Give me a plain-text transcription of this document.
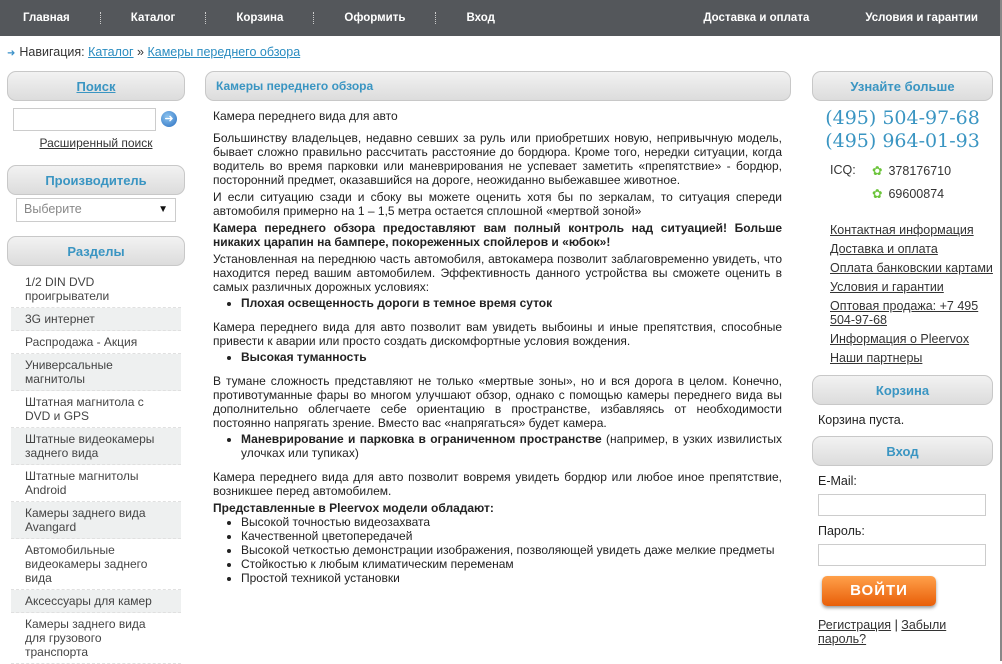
Главная	Каталог	Корзина	Оформить	Вход	Доставка и оплата	Условия и гарантии
➜ Навигация: Каталог » Камеры переднего обзора
Поиск
➜
Расширенный поиск
Производитель
Выберите	▼
Разделы
1/2 DIN DVD проигрыватели
3G интернет
Распродажа - Акция
Универсальные магнитолы
Штатная магнитола с DVD и GPS
Штатные видеокамеры заднего вида
Штатные магнитолы Android
Камеры заднего вида Avangard
Автомобильные видеокамеры заднего вида
Аксессуары для камер
Камеры заднего вида для грузового транспорта
Камеры переднего обзора

Камера переднего вида для авто

Большинству владельцев, недавно севших за руль или приобретших новую, непривычную модель, бывает сложно правильно рассчитать расстояние до бордюра. Кроме того, нередки ситуации, когда водитель во время парковки или маневрирования не успевает заметить «препятствие» - бордюр, посторонний предмет, оказавшийся на дороге, неожиданно выбежавшее животное.

И если ситуацию сзади и сбоку вы можете оценить хотя бы по зеркалам, то ситуация спереди автомобиля примерно на 1 – 1,5 метра остается сплошной «мертвой зоной»

Камера переднего обзора предоставляют вам полный контроль над ситуацией! Больше никаких царапин на бампере, покореженных спойлеров и «юбок»!

Установленная на переднюю часть автомобиля, автокамера позволит заблаговременно увидеть, что находится перед вашим автомобилем. Эффективность данного устройства вы сможете оценить в самых различных дорожных условиях:

• Плохая освещенность дороги в темное время суток

Камера переднего вида для авто позволит вам увидеть выбоины и иные препятствия, способные привести к аварии или просто создать дискомфортные условия вождения.

• Высокая туманность

В тумане сложность представляют не только «мертвые зоны», но и вся дорога в целом. Конечно, противотуманные фары во многом улучшают обзор, однако с помощью камеры переднего вида вы дополнительно облегчаете себе ориентацию в пространстве, избавляясь от необходимости постоянно напрягать зрение. Вместо вас «напрягаться» будет камера.

• Маневрирование и парковка в ограниченном пространстве (например, в узких извилистых улочках или тупиках)

Камера переднего вида для авто позволит вовремя увидеть бордюр или любое иное препятствие, возникшее перед автомобилем.

Представленные в Pleervox модели обладают:

• Высокой точностью видеозахвата
• Качественной цветопередачей
• Высокой четкостью демонстрации изображения, позволяющей увидеть даже мелкие предметы
• Стойкостью к любым климатическим переменам
• Простой техникой установки
Узнайте больше
(495) 504-97-68
(495) 964-01-93
ICQ:	✿ 378176710
✿ 69600874
Контактная информация
Доставка и оплата
Оплата банковскии картами
Условия и гарантии
Оптовая продажа: +7 495 504-97-68
Информация о Pleervox
Наши партнеры
Корзина
Корзина пуста.
Вход
E-Mail:
Пароль:
ВОЙТИ
Регистрация | Забыли пароль?
